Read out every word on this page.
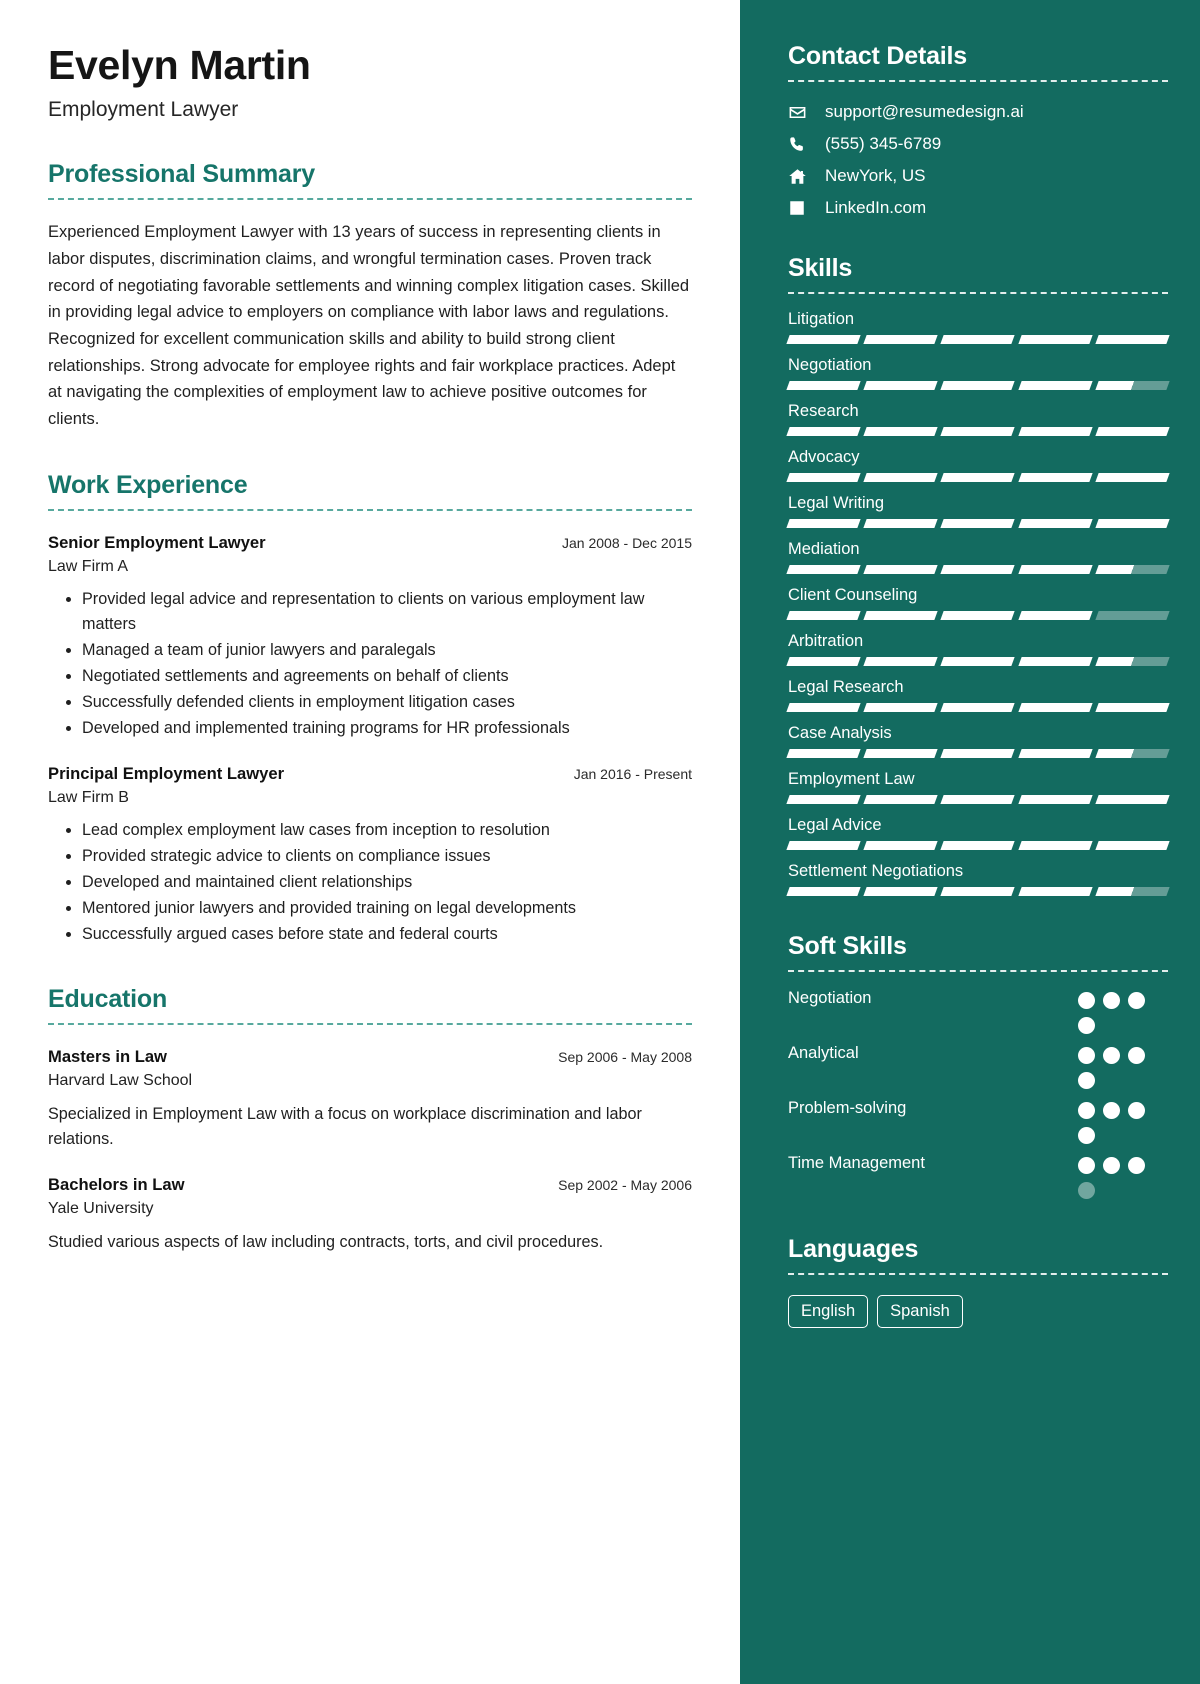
Evelyn Martin
Employment Lawyer
Professional Summary

Experienced Employment Lawyer with 13 years of success in representing clients in labor disputes, discrimination claims, and wrongful termination cases. Proven track record of negotiating favorable settlements and winning complex litigation cases. Skilled in providing legal advice to employers on compliance with labor laws and regulations. Recognized for excellent communication skills and ability to build strong client relationships. Strong advocate for employee rights and fair workplace practices. Adept at navigating the complexities of employment law to achieve positive outcomes for clients.

Work Experience
Senior Employment Lawyer	Jan 2008 - Dec 2015
Law Firm A
• Provided legal advice and representation to clients on various employment law matters
• Managed a team of junior lawyers and paralegals
• Negotiated settlements and agreements on behalf of clients
• Successfully defended clients in employment litigation cases
• Developed and implemented training programs for HR professionals
Principal Employment Lawyer	Jan 2016 - Present
Law Firm B
• Lead complex employment law cases from inception to resolution
• Provided strategic advice to clients on compliance issues
• Developed and maintained client relationships
• Mentored junior lawyers and provided training on legal developments
• Successfully argued cases before state and federal courts
Education
Masters in Law	Sep 2006 - May 2008
Harvard Law School
Specialized in Employment Law with a focus on workplace discrimination and labor relations.
Bachelors in Law	Sep 2002 - May 2006
Yale University
Studied various aspects of law including contracts, torts, and civil procedures.
Contact Details
support@resumedesign.ai
(555) 345-6789
NewYork, US
LinkedIn.com
Skills
Litigation
Negotiation
Research
Advocacy
Legal Writing
Mediation
Client Counseling
Arbitration
Legal Research
Case Analysis
Employment Law
Legal Advice
Settlement Negotiations
Soft Skills
Negotiation
Analytical
Problem-solving
Time Management
Languages
English	Spanish
